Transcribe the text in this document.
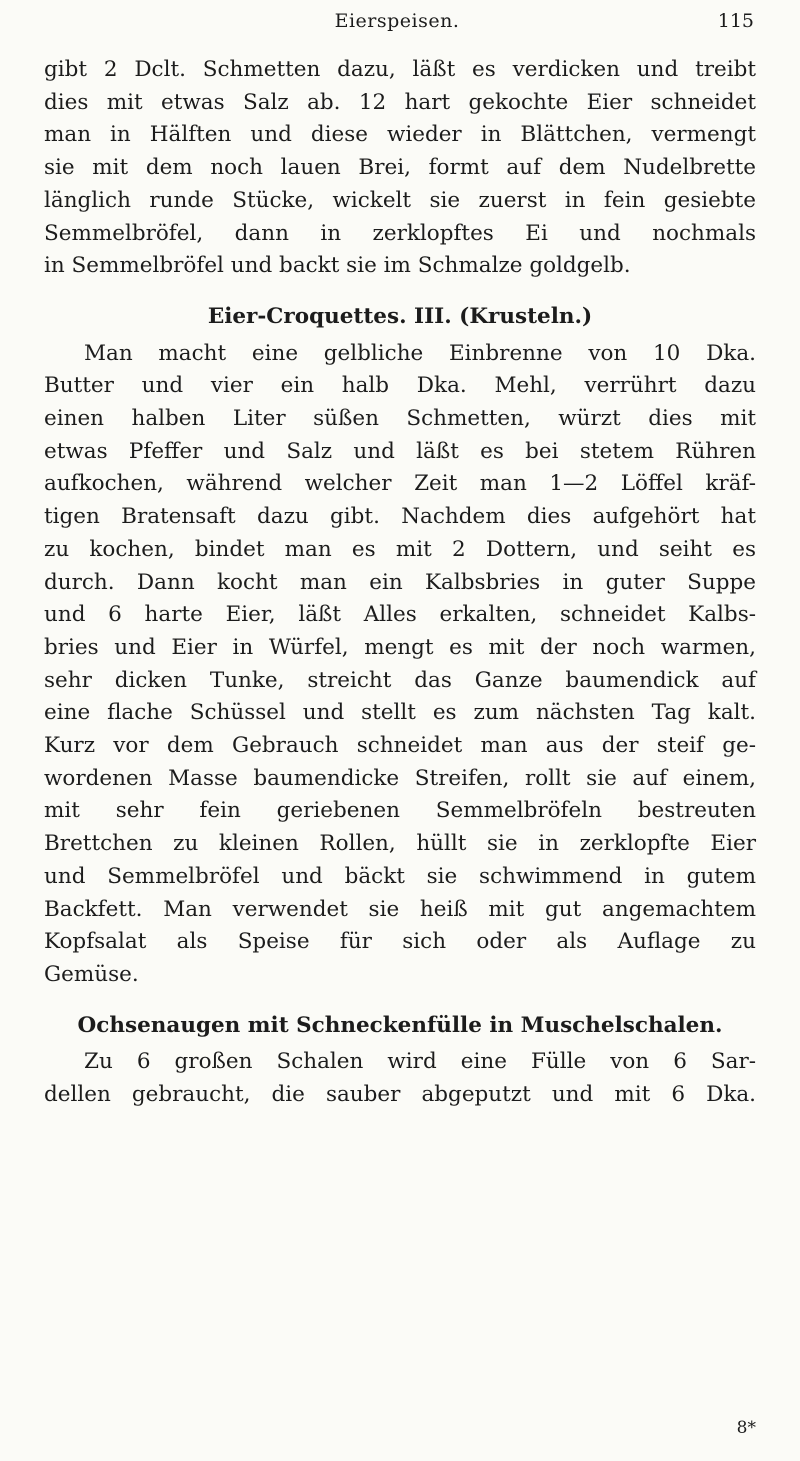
Eierspeisen.	115

gibt 2 Dclt. Schmetten dazu, läßt es verdicken und treibt
dies mit etwas Salz ab. 12 hart gekochte Eier schneidet
man in Hälften und diese wieder in Blättchen, vermengt
sie mit dem noch lauen Brei, formt auf dem Nudelbrette
länglich runde Stücke, wickelt sie zuerst in fein gesiebte
Semmelbröfel, dann in zerklopftes Ei und nochmals
in Semmelbröfel und backt sie im Schmalze goldgelb.

Eier-Croquettes. III. (Krusteln.)

Man macht eine gelbliche Einbrenne von 10 Dka.
Butter und vier ein halb Dka. Mehl, verrührt dazu
einen halben Liter süßen Schmetten, würzt dies mit
etwas Pfeffer und Salz und läßt es bei stetem Rühren
aufkochen, während welcher Zeit man 1—2 Löffel kräf-
tigen Bratensaft dazu gibt. Nachdem dies aufgehört hat
zu kochen, bindet man es mit 2 Dottern, und seiht es
durch. Dann kocht man ein Kalbsbries in guter Suppe
und 6 harte Eier, läßt Alles erkalten, schneidet Kalbs-
bries und Eier in Würfel, mengt es mit der noch warmen,
sehr dicken Tunke, streicht das Ganze baumendick auf
eine flache Schüssel und stellt es zum nächsten Tag kalt.
Kurz vor dem Gebrauch schneidet man aus der steif ge-
wordenen Masse baumendicke Streifen, rollt sie auf einem,
mit sehr fein geriebenen Semmelbröfeln bestreuten
Brettchen zu kleinen Rollen, hüllt sie in zerklopfte Eier
und Semmelbröfel und bäckt sie schwimmend in gutem
Backfett. Man verwendet sie heiß mit gut angemachtem
Kopfsalat als Speise für sich oder als Auflage zu
Gemüse.

Ochsenaugen mit Schneckenfülle in Muschelschalen.

Zu 6 großen Schalen wird eine Fülle von 6 Sar-
dellen gebraucht, die sauber abgeputzt und mit 6 Dka.

8*
